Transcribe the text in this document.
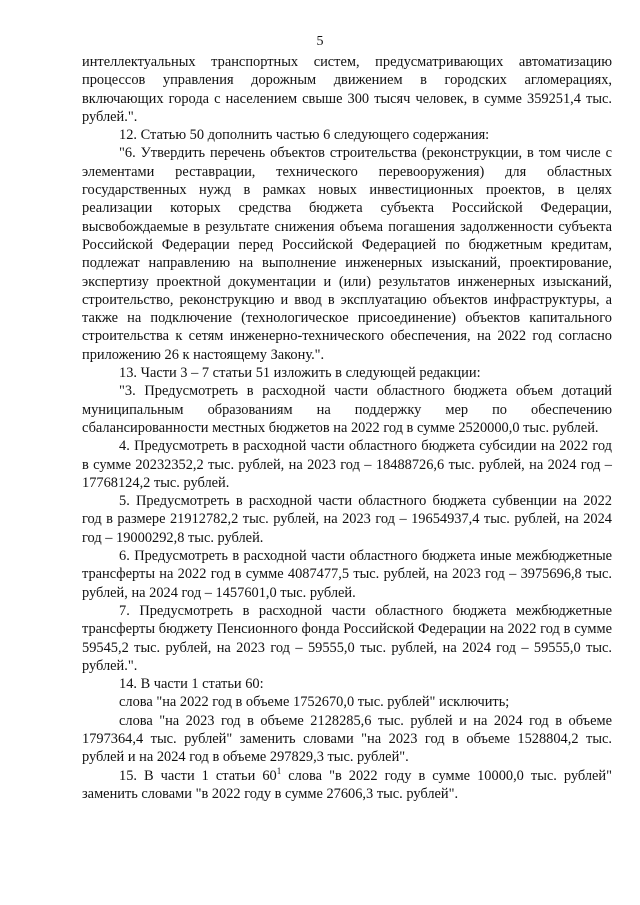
5

интеллектуальных транспортных систем, предусматривающих автоматизацию процессов управления дорожным движением в городских агломерациях, включающих города с населением свыше 300 тысяч человек, в сумме 359251,4 тыс. рублей.".

12. Статью 50 дополнить частью 6 следующего содержания:

"6. Утвердить перечень объектов строительства (реконструкции, в том числе с элементами реставрации, технического перевооружения) для областных государственных нужд в рамках новых инвестиционных проектов, в целях реализации которых средства бюджета субъекта Российской Федерации, высвобождаемые в результате снижения объема погашения задолженности субъекта Российской Федерации перед Российской Федерацией по бюджетным кредитам, подлежат направлению на выполнение инженерных изысканий, проектирование, экспертизу проектной документации и (или) результатов инженерных изысканий, строительство, реконструкцию и ввод в эксплуатацию объектов инфраструктуры, а также на подключение (технологическое присоединение) объектов капитального строительства к сетям инженерно-технического обеспечения, на 2022 год согласно приложению 26 к настоящему Закону.".

13. Части 3 – 7 статьи 51 изложить в следующей редакции:

"3. Предусмотреть в расходной части областного бюджета объем дотаций муниципальным образованиям на поддержку мер по обеспечению сбалансированности местных бюджетов на 2022 год в сумме 2520000,0 тыс. рублей.

4. Предусмотреть в расходной части областного бюджета субсидии на 2022 год в сумме 20232352,2 тыс. рублей, на 2023 год – 18488726,6 тыс. рублей, на 2024 год – 17768124,2 тыс. рублей.

5. Предусмотреть в расходной части областного бюджета субвенции на 2022 год в размере 21912782,2 тыс. рублей, на 2023 год – 19654937,4 тыс. рублей, на 2024 год – 19000292,8 тыс. рублей.

6. Предусмотреть в расходной части областного бюджета иные межбюджетные трансферты на 2022 год в сумме 4087477,5 тыс. рублей, на 2023 год – 3975696,8 тыс. рублей, на 2024 год – 1457601,0 тыс. рублей.

7. Предусмотреть в расходной части областного бюджета межбюджетные трансферты бюджету Пенсионного фонда Российской Федерации на 2022 год в сумме 59545,2 тыс. рублей, на 2023 год – 59555,0 тыс. рублей, на 2024 год – 59555,0 тыс. рублей.".

14. В части 1 статьи 60:

слова "на 2022 год в объеме 1752670,0 тыс. рублей" исключить;

слова "на 2023 год в объеме 2128285,6 тыс. рублей и на 2024 год в объеме 1797364,4 тыс. рублей" заменить словами "на 2023 год в объеме 1528804,2 тыс. рублей и на 2024 год в объеме 297829,3 тыс. рублей".

15. В части 1 статьи $60^1$ слова "в 2022 году в сумме 10000,0 тыс. рублей" заменить словами "в 2022 году в сумме 27606,3 тыс. рублей".
